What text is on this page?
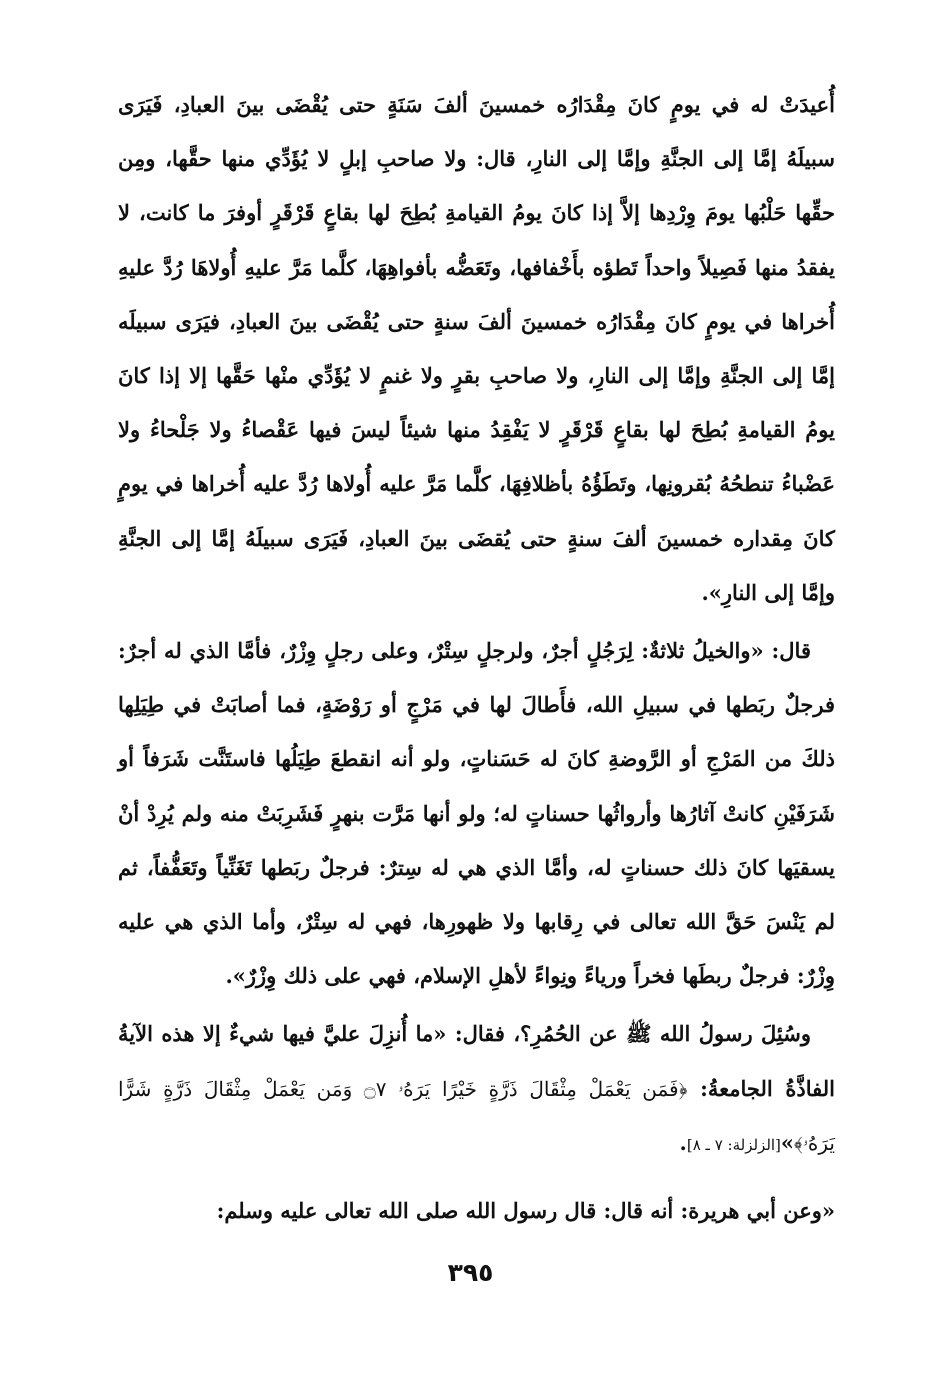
أُعيدَتْ له في يومٍ كانَ مِقْدَارُه خمسينَ ألفَ سَنَةٍ حتى يُقْضَى بينَ العبادِ، فَيَرَى سبيلَهُ إمَّا إلى الجنَّةِ وإمَّا إلى النارِ، قال: ولا صاحبِ إبلٍ لا يُؤَدِّي منها حقَّها، ومِن حقِّها حَلْبُها يومَ وِرْدِها إلاَّ إذا كانَ يومُ القيامةِ بُطِحَ لها بقاعٍ قَرْقَرٍ أوفرَ ما كانت، لا يفقدُ منها فَصِيلاً واحداً تَطؤه بأَخْفافها، وتَعَضُّه بأفواهِهَا، كلَّما مَرَّ عليهِ أُولاهَا رُدَّ عليهِ أُخراها في يومٍ كانَ مِقْدَارُه خمسينَ ألفَ سنةٍ حتى يُقْضَى بينَ العبادِ، فيَرَى سبيلَه إمَّا إلى الجنَّةِ وإمَّا إلى النارِ، ولا صاحبِ بقرٍ ولا غنمٍ لا يُؤَدِّي منْها حَقَّها إلا إذا كانَ يومُ القيامةِ بُطِحَ لها بقاعٍ قَرْقَرٍ لا يَفْقِدُ منها شيئاً ليسَ فيها عَقْصاءُ ولا جَلْحاءُ ولا عَضْباءُ تنطحُهُ بُقرونِها، وتَطَؤُهُ بأظلافِهَا، كلَّما مَرَّ عليه أُولاها رُدَّ عليه أُخراها في يومٍ كانَ مِقداره خمسينَ ألفَ سنةٍ حتى يُقضَى بينَ العبادِ، فَيَرَى سبيلَهُ إمَّا إلى الجنَّةِ وإمَّا إلى النارِ».

قال: «والخيلُ ثلاثةٌ: لِرَجُلٍ أجرٌ، ولرجلٍ سِتْرٌ، وعلى رجلٍ وِزْرٌ، فأمَّا الذي له أجرٌ: فرجلٌ ربَطها في سبيلِ الله، فأَطالَ لها في مَرْجٍ أو رَوْضَةٍ، فما أصابَتْ في طِيَلِها ذلكَ من المَرْجِ أو الرَّوضةِ كانَ له حَسَناتٍ، ولو أنه انقطعَ طِيَلُها فاستَنَّت شَرَفاً أو شَرَفَيْنِ كانتْ آثارُها وأرواثُها حسناتٍ له؛ ولو أنها مَرَّت بنهرٍ فَشَرِبَتْ منه ولم يُرِدْ أنْ يسقيَها كانَ ذلك حسناتٍ له، وأمَّا الذي هي له سِترٌ: فرجلٌ ربَطها تَغَنِّياً وتَعَفُّفاً، ثم لم يَنْسَ حَقَّ الله تعالى في رِقابها ولا ظهورِها، فهي له سِتْرٌ، وأما الذي هي عليه وِزْرٌ: فرجلٌ ربطَها فخراً ورياءً ونِواءً لأهلِ الإسلام، فهي على ذلك وِزْرٌ».

وسُئِلَ رسولُ الله ﷺ عن الحُمُرِ؟، فقال: «ما أُنزِلَ عليَّ فيها شيءٌ إلا هذه الآيةُ الفاذَّةُ الجامعةُ: ﴿فَمَن يَعْمَلْ مِثْقَالَ ذَرَّةٍ خَيْرًا يَرَهُۥ ۝٧ وَمَن يَعْمَلْ مِثْقَالَ ذَرَّةٍ شَرًّا يَرَهُۥ﴾»[الزلزلة: ٧ ـ ٨].

«وعن أبي هريرة: أنه قال: قال رسول الله صلى الله تعالى عليه وسلم:

٣٩٥
